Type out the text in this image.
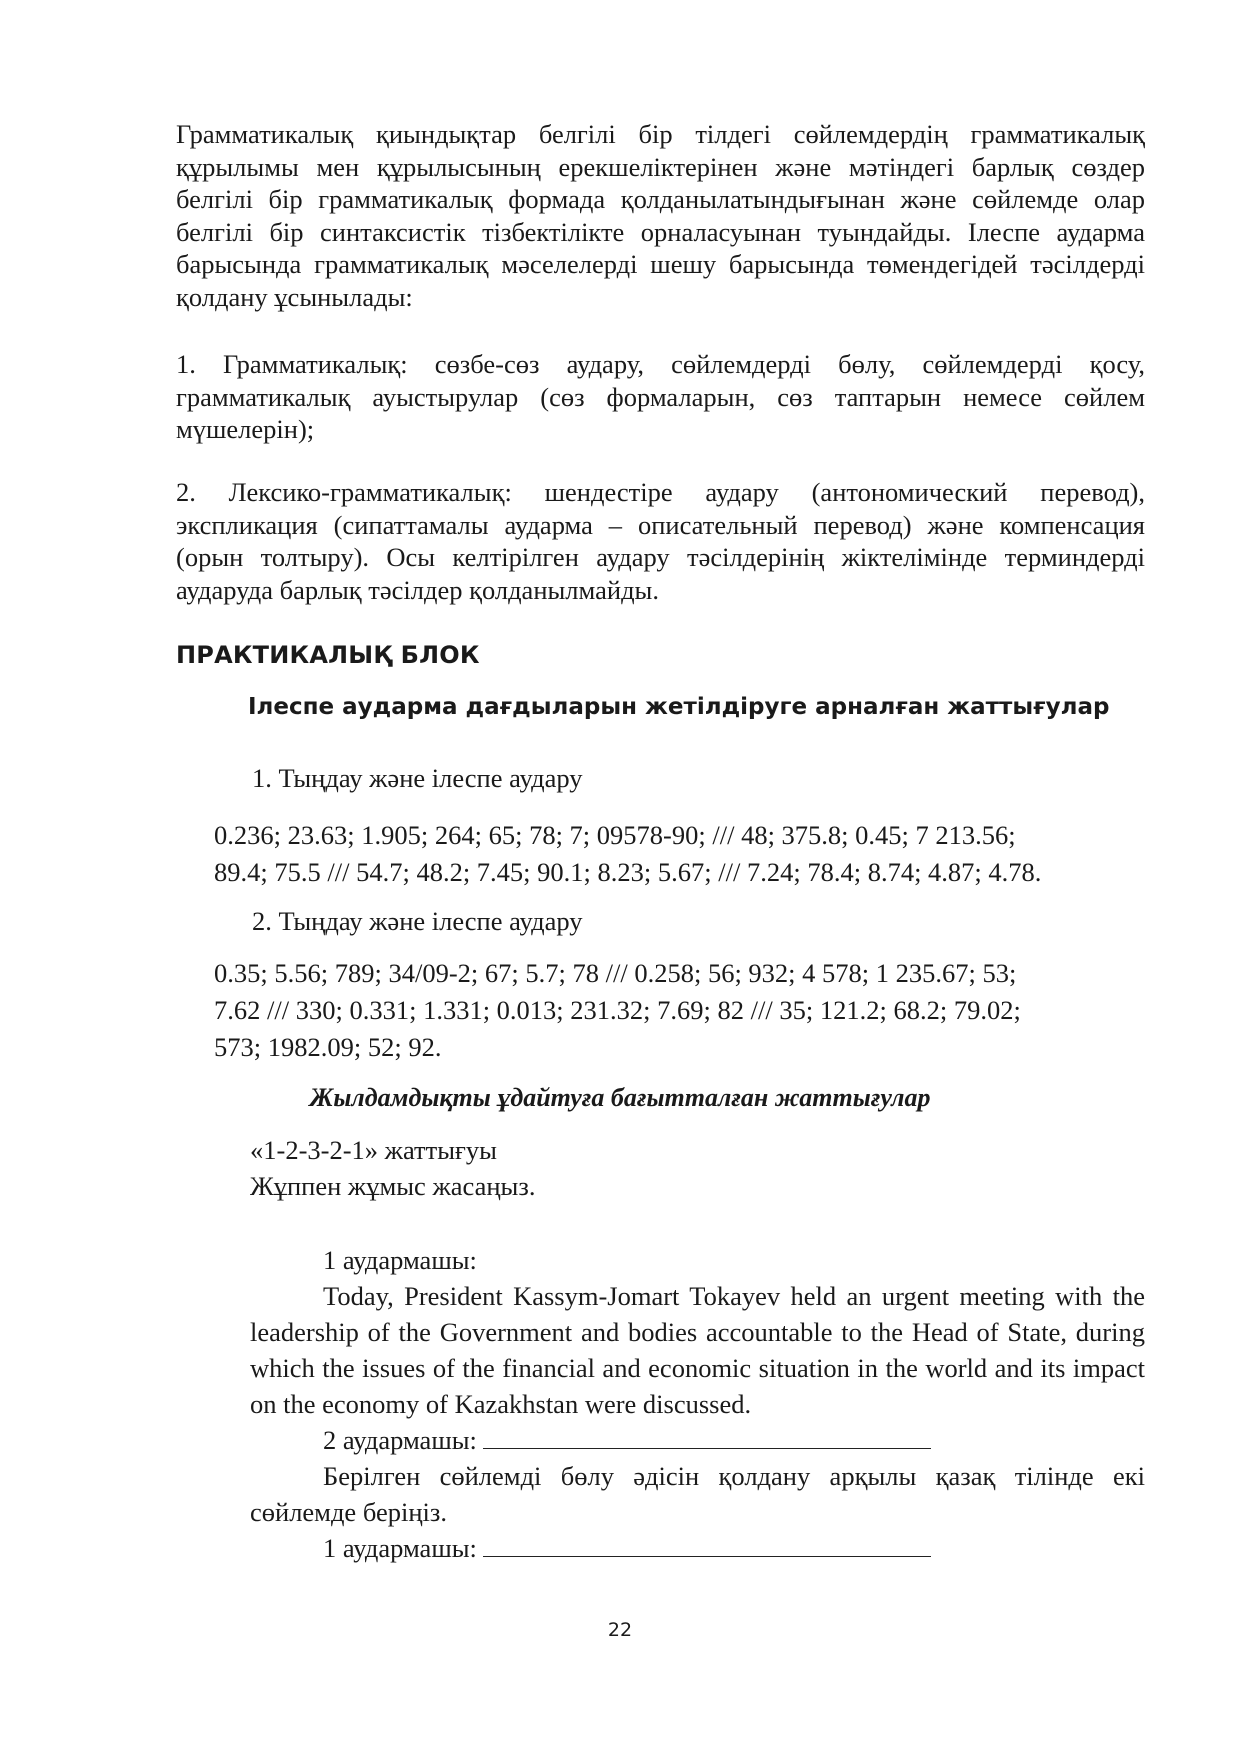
Грамматикалық қиындықтар белгілі бір тілдегі сөйлемдердің грамматикалық құрылымы мен құрылысының ерекшеліктерінен және мәтіндегі барлық сөздер белгілі бір грамматикалық формада қолданылатындығынан және сөйлемде олар белгілі бір синтаксистік тізбектілікте орналасуынан туындайды. Ілеспе аударма барысында грамматикалық мәселелерді шешу барысында төмендегідей тәсілдерді қолдану ұсынылады:

1. Грамматикалық: сөзбе-сөз аудару, сөйлемдерді бөлу, сөйлемдерді қосу, грамматикалық ауыстырулар (сөз формаларын, сөз таптарын немесе сөйлем мүшелерін);

2. Лексико-грамматикалық: шендестіре аудару (антономический перевод), экспликация (сипаттамалы аударма – описательный перевод) және компенсация (орын толтыру). Осы келтірілген аудару тәсілдерінің жіктелімінде терминдерді аударуда барлық тәсілдер қолданылмайды.

ПРАКТИКАЛЫҚ БЛОК
Ілеспе аударма дағдыларын жетілдіруге арналған жаттығулар

1. Тыңдау және ілеспе аудару

0.236; 23.63; 1.905; 264; 65; 78; 7; 09578-90; /// 48; 375.8; 0.45; 7 213.56;
89.4; 75.5 /// 54.7; 48.2; 7.45; 90.1; 8.23; 5.67; /// 7.24; 78.4; 8.74; 4.87; 4.78.

2. Тыңдау және ілеспе аудару

0.35; 5.56; 789; 34/09-2; 67; 5.7; 78 /// 0.258; 56; 932; 4 578; 1 235.67; 53;
7.62 /// 330; 0.331; 1.331; 0.013; 231.32; 7.69; 82 /// 35; 121.2; 68.2; 79.02;
573; 1982.09; 52; 92.
Жылдамдықты ұдайтуға бағытталған жаттығулар

«1-2-3-2-1» жаттығуы

Жұппен жұмыс жасаңыз.

1 аудармашы:

Today, President Kassym-Jomart Tokayev held an urgent meeting with the leadership of the Government and bodies accountable to the Head of State, during which the issues of the financial and economic situation in the world and its impact on the economy of Kazakhstan were discussed.

2 аудармашы:

Берілген сөйлемді бөлу әдісін қолдану арқылы қазақ тілінде екі сөйлемде беріңіз.

1 аудармашы:

22
